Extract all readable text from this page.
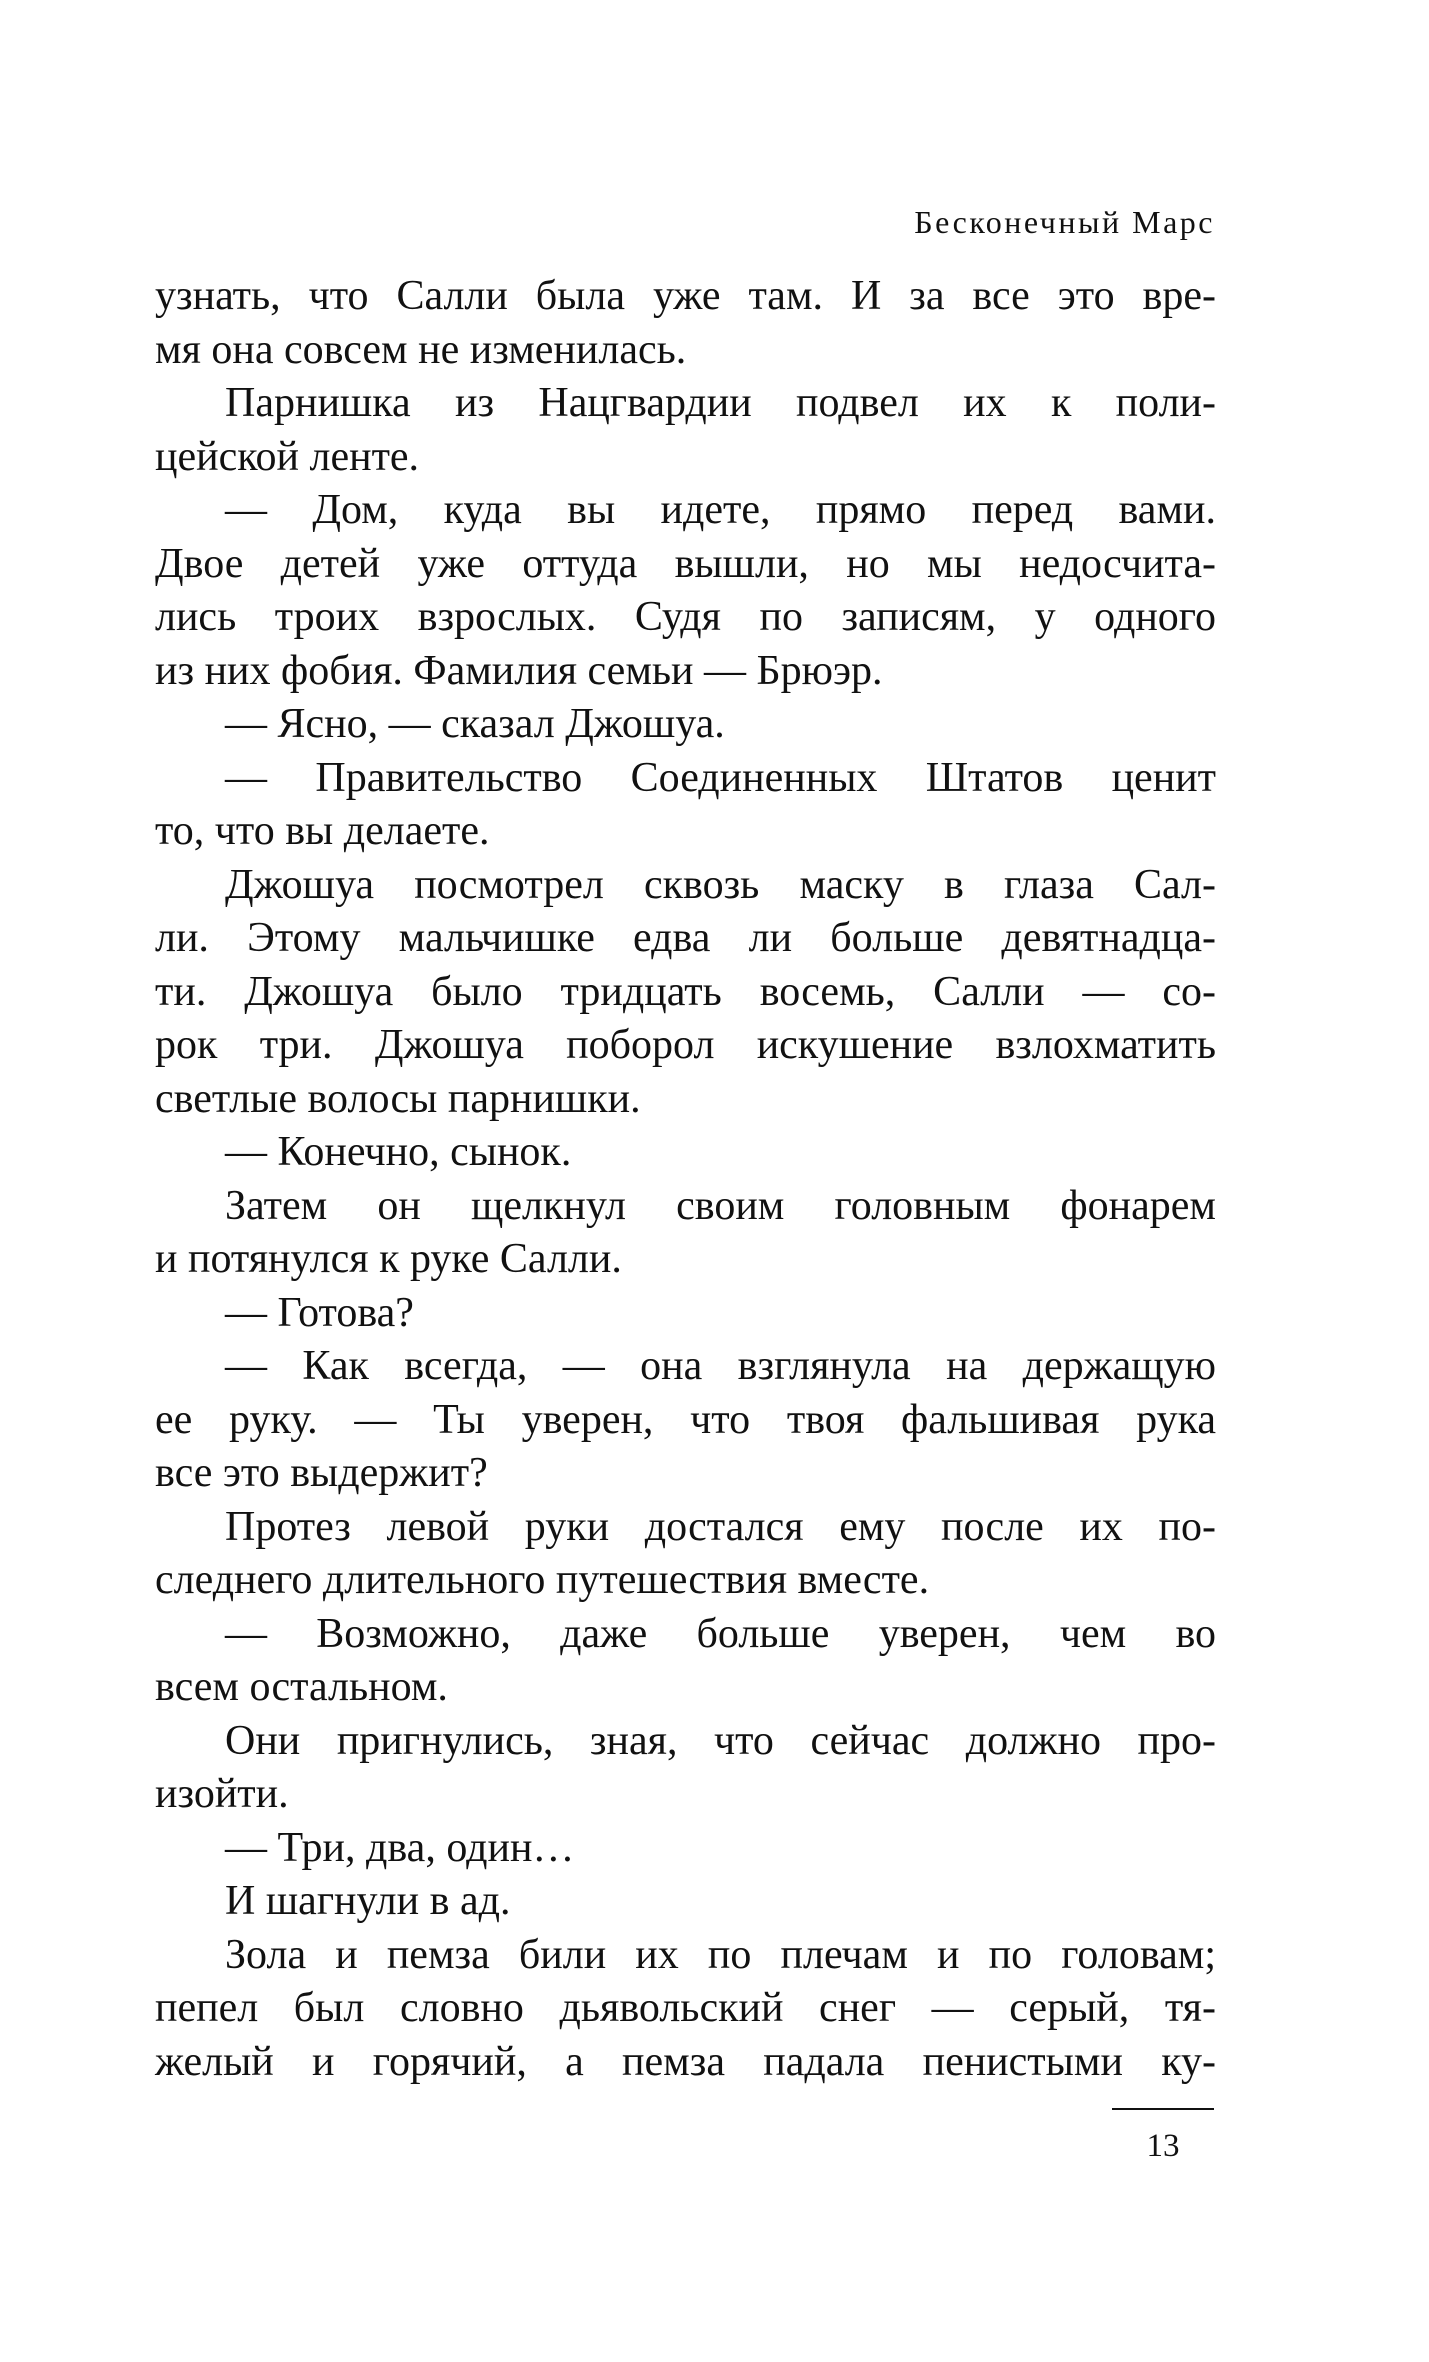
Бесконечный Марс
узнать, что Салли была уже там. И за все это вре-
мя она совсем не изменилась.
Парнишка из Нацгвардии подвел их к поли-
цейской ленте.
— Дом, куда вы идете, прямо перед вами.
Двое детей уже оттуда вышли, но мы недосчита-
лись троих взрослых. Судя по записям, у одного
из них фобия. Фамилия семьи — Брюэр.
— Ясно, — сказал Джошуа.
— Правительство Соединенных Штатов ценит
то, что вы делаете.
Джошуа посмотрел сквозь маску в глаза Сал-
ли. Этому мальчишке едва ли больше девятнадца-
ти. Джошуа было тридцать восемь, Салли — со-
рок три. Джошуа поборол искушение взлохматить
светлые волосы парнишки.
— Конечно, сынок.
Затем он щелкнул своим головным фонарем
и потянулся к руке Салли.
— Готова?
— Как всегда, — она взглянула на держащую
ее руку. — Ты уверен, что твоя фальшивая рука
все это выдержит?
Протез левой руки достался ему после их по-
следнего длительного путешествия вместе.
— Возможно, даже больше уверен, чем во
всем остальном.
Они пригнулись, зная, что сейчас должно про-
изойти.
— Три, два, один…
И шагнули в ад.
Зола и пемза били их по плечам и по головам;
пепел был словно дьявольский снег — серый, тя-
желый и горячий, а пемза падала пенистыми ку-
13
